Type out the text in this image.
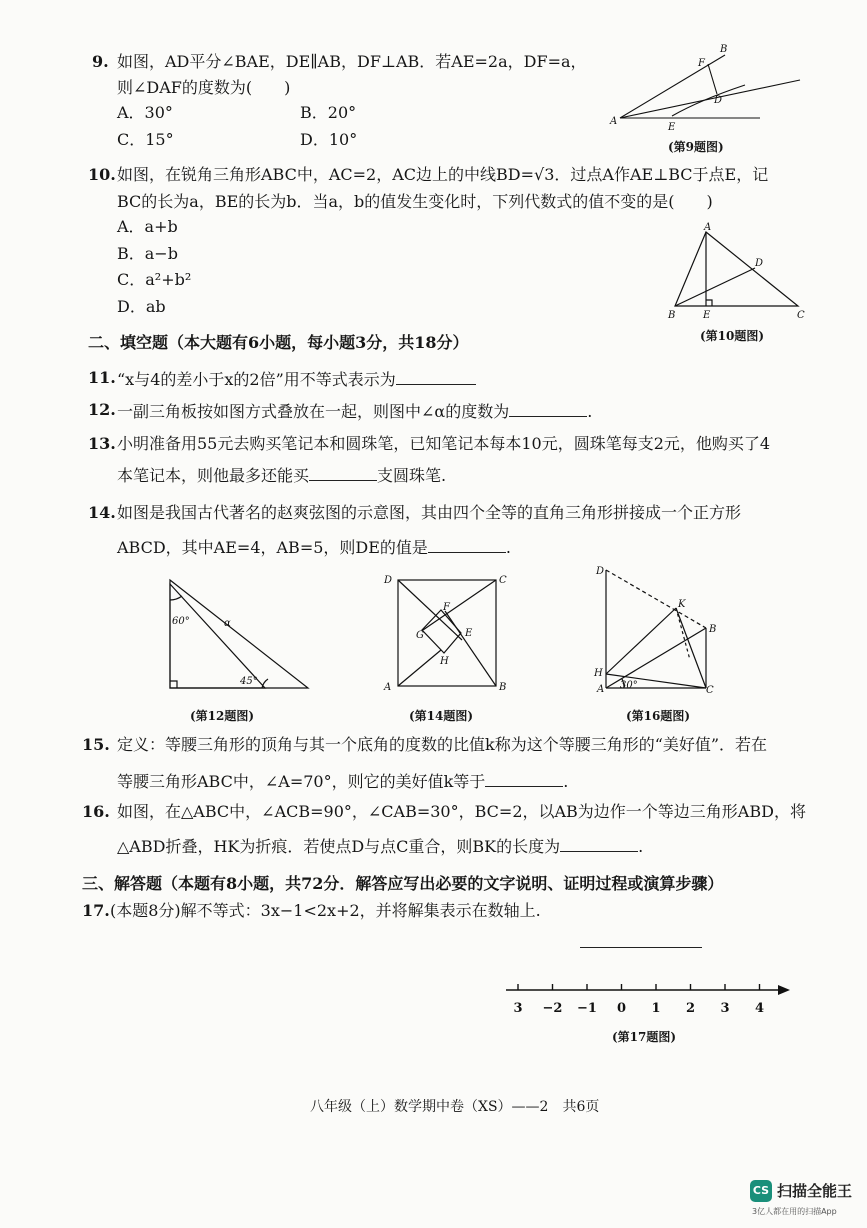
9. 如图，AD平分∠BAE，DE∥AB，DF⊥AB．若AE=2a，DF=a，
则∠DAF的度数为(　　)
A．30°	B．20°
C．15°	D．10°
A
B
D
E
F
(第9题图)
10. 如图，在锐角三角形ABC中，AC=2，AC边上的中线BD=√3．过点A作AE⊥BC于点E，记
BC的长为a，BE的长为b．当a，b的值发生变化时，下列代数式的值不变的是(　　)
A．a+b
B．a−b
C．a²+b²
D．ab
A
B	C
D
E
(第10题图)
二、填空题（本大题有6小题，每小题3分，共18分）
11. “x与4的差小于x的2倍”用不等式表示为
12. 一副三角板按如图方式叠放在一起，则图中∠α的度数为	.
13. 小明准备用55元去购买笔记本和圆珠笔，已知笔记本每本10元，圆珠笔每支2元，他购买了4
本笔记本，则他最多还能买	支圆珠笔.
14. 如图是我国古代著名的赵爽弦图的示意图，其由四个全等的直角三角形拼接成一个正方形
ABCD，其中AE=4，AB=5，则DE的值是	.
60°
45°
α
(第12题图)
D	C
A	B
F
E
G
H
(第14题图)
D
K
B
H
A	C
30°
(第16题图)
15. 定义：等腰三角形的顶角与其一个底角的度数的比值k称为这个等腰三角形的“美好值”．若在
等腰三角形ABC中，∠A=70°，则它的美好值k等于	.
16. 如图，在△ABC中，∠ACB=90°，∠CAB=30°，BC=2，以AB为边作一个等边三角形ABD，将
△ABD折叠，HK为折痕．若使点D与点C重合，则BK的长度为	.
三、解答题（本题有8小题，共72分．解答应写出必要的文字说明、证明过程或演算步骤）
17. (本题8分)解不等式：3x−1<2x+2，并将解集表示在数轴上.
3 −2 −1 0 1 2 3 4
(第17题图)
八年级（上）数学期中卷（XS）——2　共6页
CS 扫描全能王
3亿人都在用的扫描App
